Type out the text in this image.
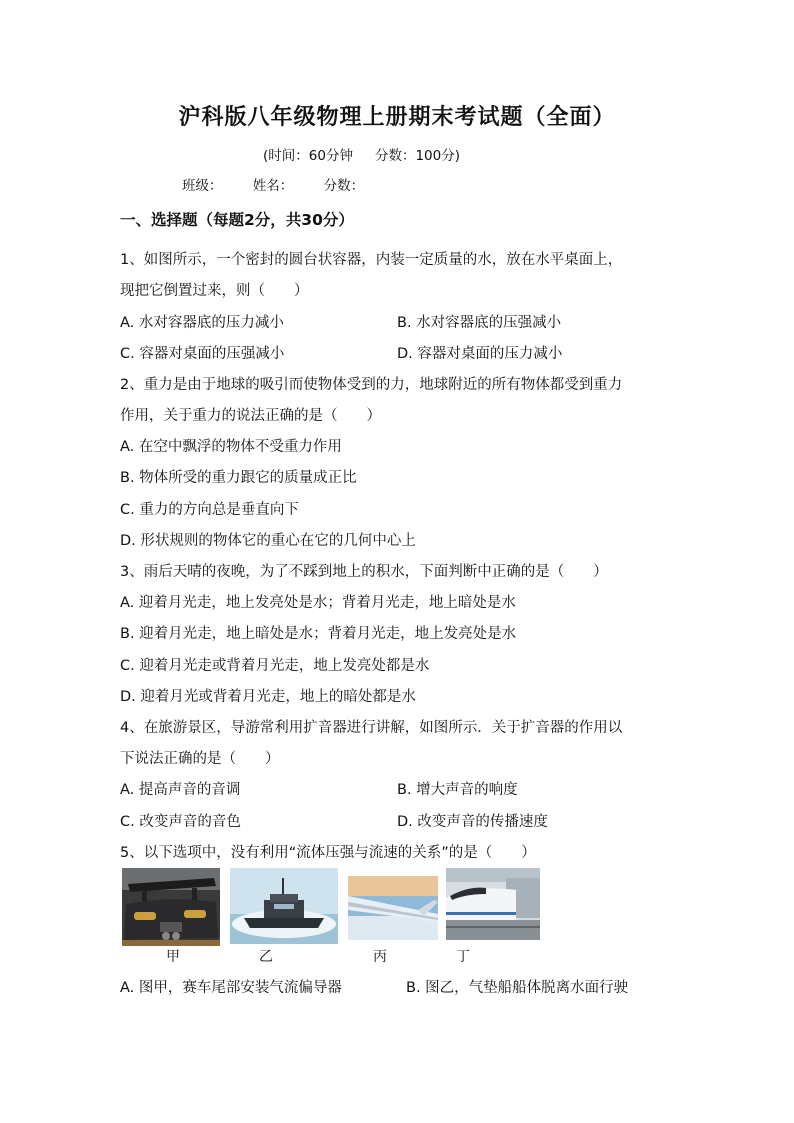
沪科版八年级物理上册期末考试题（全面）
(时间：60分钟 分数：100分)
班级： 姓名： 分数：
一、选择题（每题2分，共30分）
1、如图所示，一个密封的圆台状容器，内装一定质量的水，放在水平桌面上，
现把它倒置过来，则（　　）
A. 水对容器底的压力减小	B. 水对容器底的压强减小
C. 容器对桌面的压强减小	D. 容器对桌面的压力减小
2、重力是由于地球的吸引而使物体受到的力，地球附近的所有物体都受到重力
作用，关于重力的说法正确的是（　　）
A. 在空中飘浮的物体不受重力作用
B. 物体所受的重力跟它的质量成正比
C. 重力的方向总是垂直向下
D. 形状规则的物体它的重心在它的几何中心上
3、雨后天晴的夜晚，为了不踩到地上的积水，下面判断中正确的是（　　）
A. 迎着月光走，地上发亮处是水；背着月光走，地上暗处是水
B. 迎着月光走，地上暗处是水；背着月光走，地上发亮处是水
C. 迎着月光走或背着月光走，地上发亮处都是水
D. 迎着月光或背着月光走，地上的暗处都是水
4、在旅游景区，导游常利用扩音器进行讲解，如图所示．关于扩音器的作用以
下说法正确的是（　　）
A. 提高声音的音调	B. 增大声音的响度
C. 改变声音的音色	D. 改变声音的传播速度
5、以下选项中，没有利用“流体压强与流速的关系”的是（　　）
甲	乙	丙	丁
A. 图甲，赛车尾部安装气流偏导器	B. 图乙，气垫船船体脱离水面行驶
